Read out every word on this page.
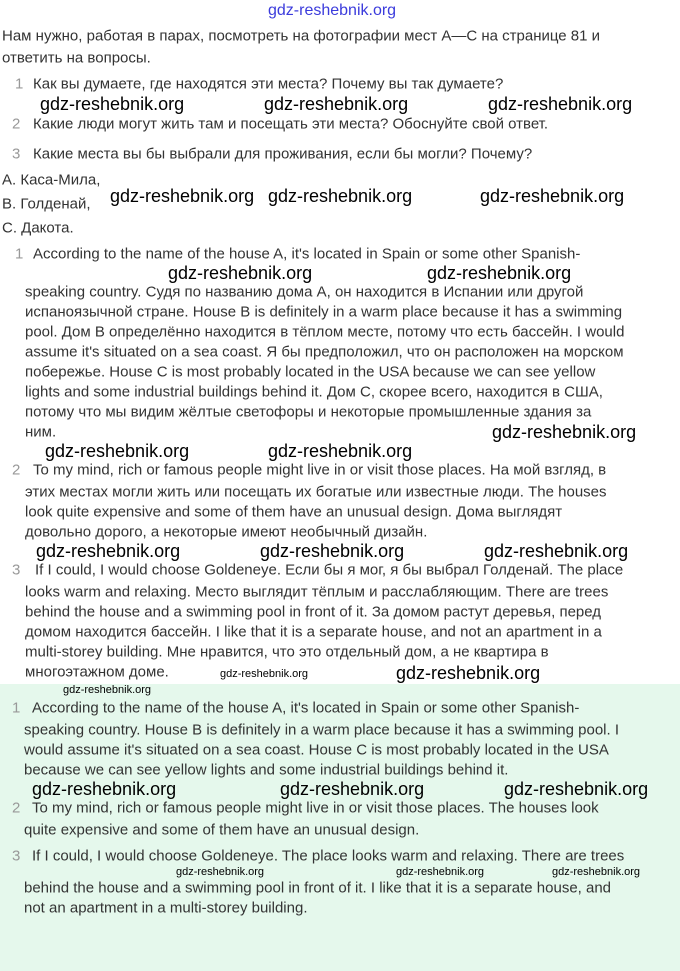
gdz-reshebnik.org
Нам нужно, работая в парах, посмотреть на фотографии мест A—C на странице 81 и
ответить на вопросы.
1 Как вы думаете, где находятся эти места? Почему вы так думаете?
2 Какие люди могут жить там и посещать эти места? Обоснуйте свой ответ.
3 Какие места вы бы выбрали для проживания, если бы могли? Почему?
A. Каса-Мила,
B. Голденай,
C. Дакота.
1 According to the name of the house A, it's located in Spain or some other Spanish-
speaking country. Судя по названию дома A, он находится в Испании или другой
испаноязычной стране. House B is definitely in a warm place because it has a swimming
pool. Дом B определённо находится в тёплом месте, потому что есть бассейн. I would
assume it's situated on a sea coast. Я бы предположил, что он расположен на морском
побережье. House C is most probably located in the USA because we can see yellow
lights and some industrial buildings behind it. Дом C, скорее всего, находится в США,
потому что мы видим жёлтые светофоры и некоторые промышленные здания за
ним.
2 To my mind, rich or famous people might live in or visit those places. На мой взгляд, в
этих местах могли жить или посещать их богатые или известные люди. The houses
look quite expensive and some of them have an unusual design. Дома выглядят
довольно дорого, а некоторые имеют необычный дизайн.
3 If I could, I would choose Goldeneye. Если бы я мог, я бы выбрал Голденай. The place
looks warm and relaxing. Место выглядит тёплым и расслабляющим. There are trees
behind the house and a swimming pool in front of it. За домом растут деревья, перед
домом находится бассейн. I like that it is a separate house, and not an apartment in a
multi-storey building. Мне нравится, что это отдельный дом, а не квартира в
многоэтажном доме.
1 According to the name of the house A, it's located in Spain or some other Spanish-
speaking country. House B is definitely in a warm place because it has a swimming pool. I
would assume it's situated on a sea coast. House C is most probably located in the USA
because we can see yellow lights and some industrial buildings behind it.
2 To my mind, rich or famous people might live in or visit those places. The houses look
quite expensive and some of them have an unusual design.
3 If I could, I would choose Goldeneye. The place looks warm and relaxing. There are trees
behind the house and a swimming pool in front of it. I like that it is a separate house, and
not an apartment in a multi-storey building.
gdz-reshebnik.org	gdz-reshebnik.org	gdz-reshebnik.org
gdz-reshebnik.org gdz-reshebnik.org	gdz-reshebnik.org
gdz-reshebnik.org	gdz-reshebnik.org
gdz-reshebnik.org
gdz-reshebnik.org	gdz-reshebnik.org
gdz-reshebnik.org
gdz-reshebnik.org	gdz-reshebnik.org
gdz-reshebnik.org	gdz-reshebnik.org
gdz-reshebnik.org
gdz-reshebnik.org	gdz-reshebnik.org	gdz-reshebnik.org
gdz-reshebnik.org	gdz-reshebnik.org	gdz-reshebnik.org
